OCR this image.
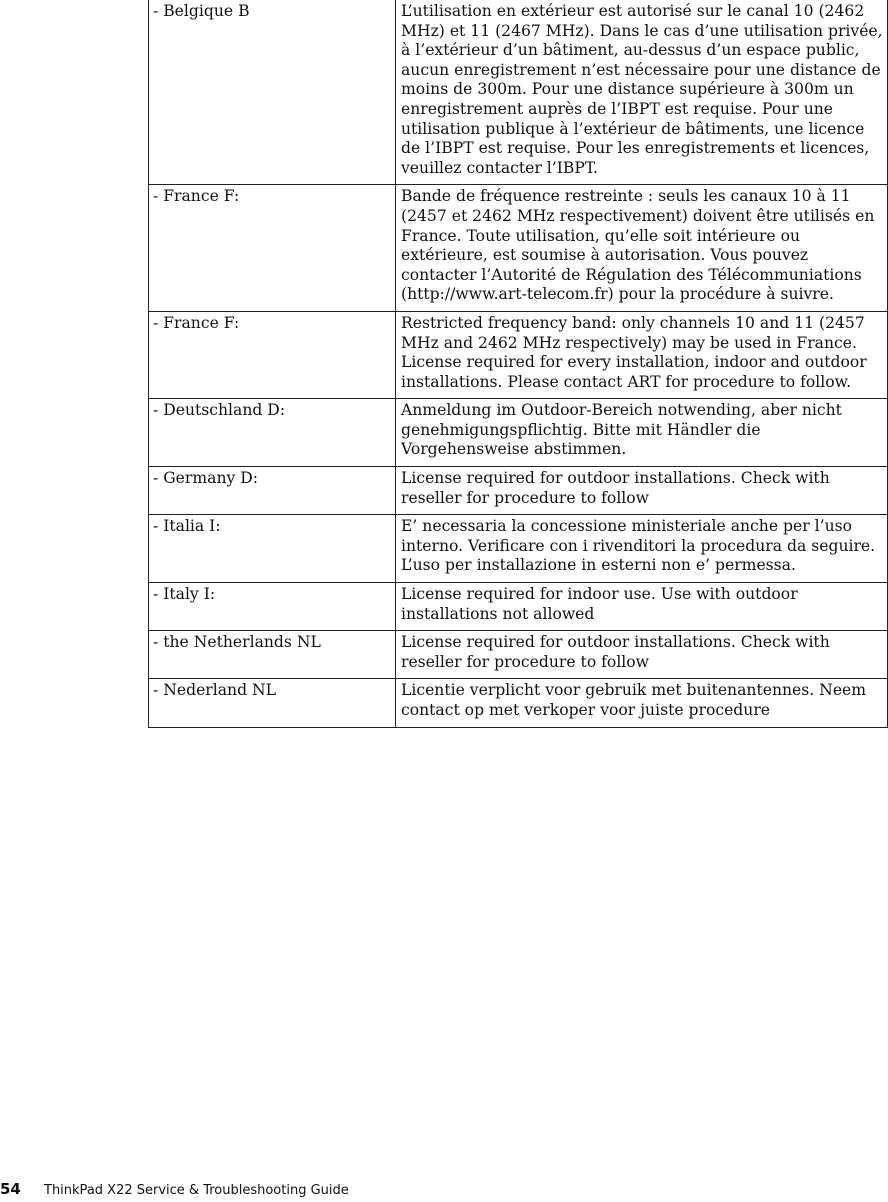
- Belgique B	L’utilisation en extérieur est autorisé sur le canal 10 (2462 MHz) et 11 (2467 MHz). Dans le cas d’une utilisation privée, à l’extérieur d’un bâtiment, au-dessus d’un espace public, aucun enregistrement n’est nécessaire pour une distance de moins de 300m. Pour une distance supérieure à 300m un enregistrement auprès de l’IBPT est requise. Pour une utilisation publique à l’extérieur de bâtiments, une licence de l’IBPT est requise. Pour les enregistrements et licences, veuillez contacter l’IBPT.
- France F:	Bande de fréquence restreinte : seuls les canaux 10 à 11 (2457 et 2462 MHz respectivement) doivent être utilisés en France. Toute utilisation, qu’elle soit intérieure ou extérieure, est soumise à autorisation. Vous pouvez contacter l’Autorité de Régulation des Télécommuniations (http://www.art-telecom.fr) pour la procédure à suivre.
- France F:	Restricted frequency band: only channels 10 and 11 (2457 MHz and 2462 MHz respectively) may be used in France. License required for every installation, indoor and outdoor installations. Please contact ART for procedure to follow.
- Deutschland D:	Anmeldung im Outdoor-Bereich notwending, aber nicht genehmigungspflichtig. Bitte mit Händler die Vorgehensweise abstimmen.
- Germany D:	License required for outdoor installations. Check with reseller for procedure to follow
- Italia I:	E’ necessaria la concessione ministeriale anche per l’uso interno. Verificare con i rivenditori la procedura da seguire. L’uso per installazione in esterni non e’ permessa.
- Italy I:	License required for indoor use. Use with outdoor installations not allowed
- the Netherlands NL	License required for outdoor installations. Check with reseller for procedure to follow
- Nederland NL	Licentie verplicht voor gebruik met buitenantennes. Neem contact op met verkoper voor juiste procedure
54	ThinkPad X22 Service & Troubleshooting Guide
